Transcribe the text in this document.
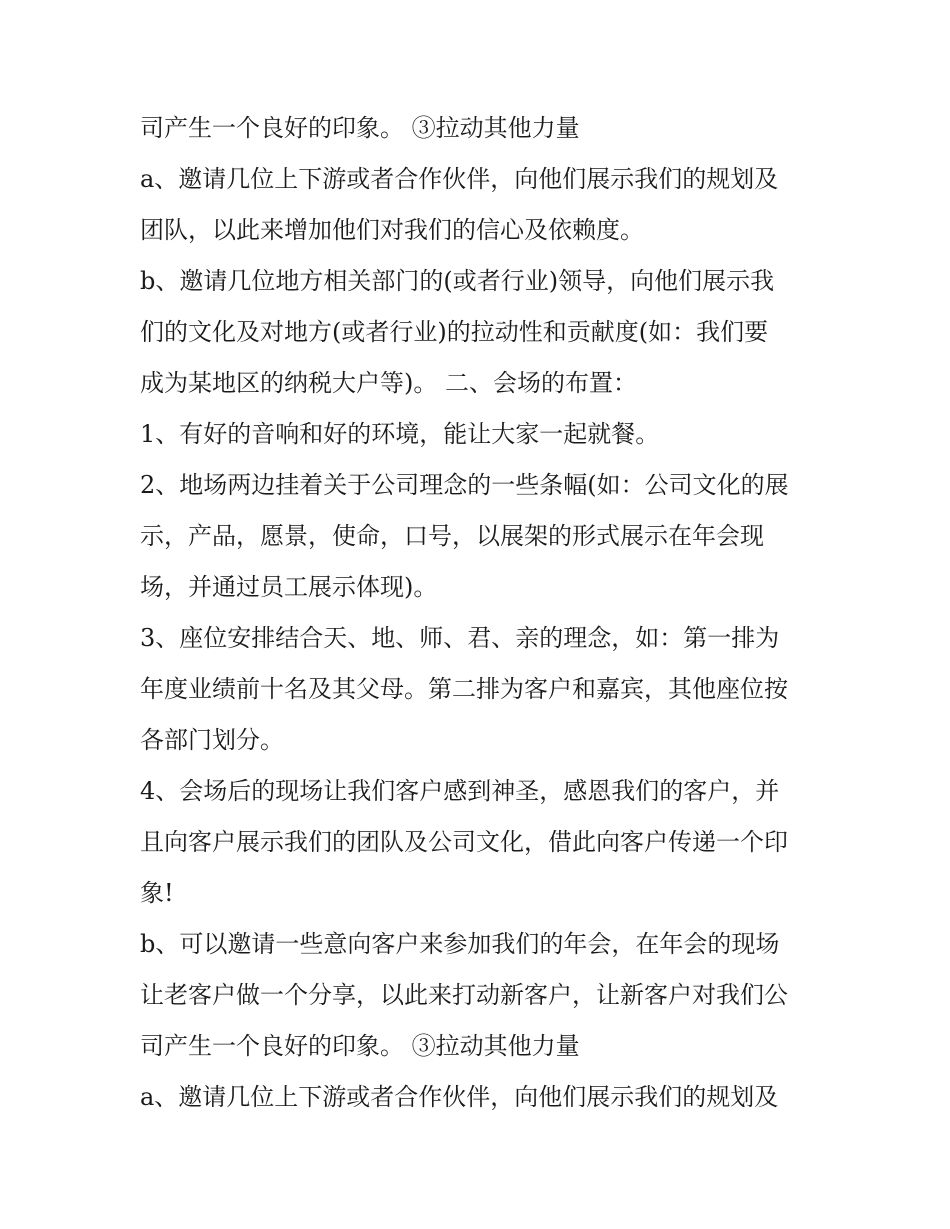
司产生一个良好的印象。 ③拉动其他力量
a、邀请几位上下游或者合作伙伴，向他们展示我们的规划及
团队，以此来增加他们对我们的信心及依赖度。
b、邀请几位地方相关部门的(或者行业)领导，向他们展示我
们的文化及对地方(或者行业)的拉动性和贡献度(如：我们要
成为某地区的纳税大户等)。 二、会场的布置：
1、有好的音响和好的环境，能让大家一起就餐。
2、地场两边挂着关于公司理念的一些条幅(如：公司文化的展
示，产品，愿景，使命，口号，以展架的形式展示在年会现
场，并通过员工展示体现)。
3、座位安排结合天、地、师、君、亲的理念，如：第一排为
年度业绩前十名及其父母。第二排为客户和嘉宾，其他座位按
各部门划分。
4、会场后的现场让我们客户感到神圣，感恩我们的客户，并
且向客户展示我们的团队及公司文化，借此向客户传递一个印
象!
b、可以邀请一些意向客户来参加我们的年会，在年会的现场
让老客户做一个分享，以此来打动新客户，让新客户对我们公
司产生一个良好的印象。 ③拉动其他力量
a、邀请几位上下游或者合作伙伴，向他们展示我们的规划及
